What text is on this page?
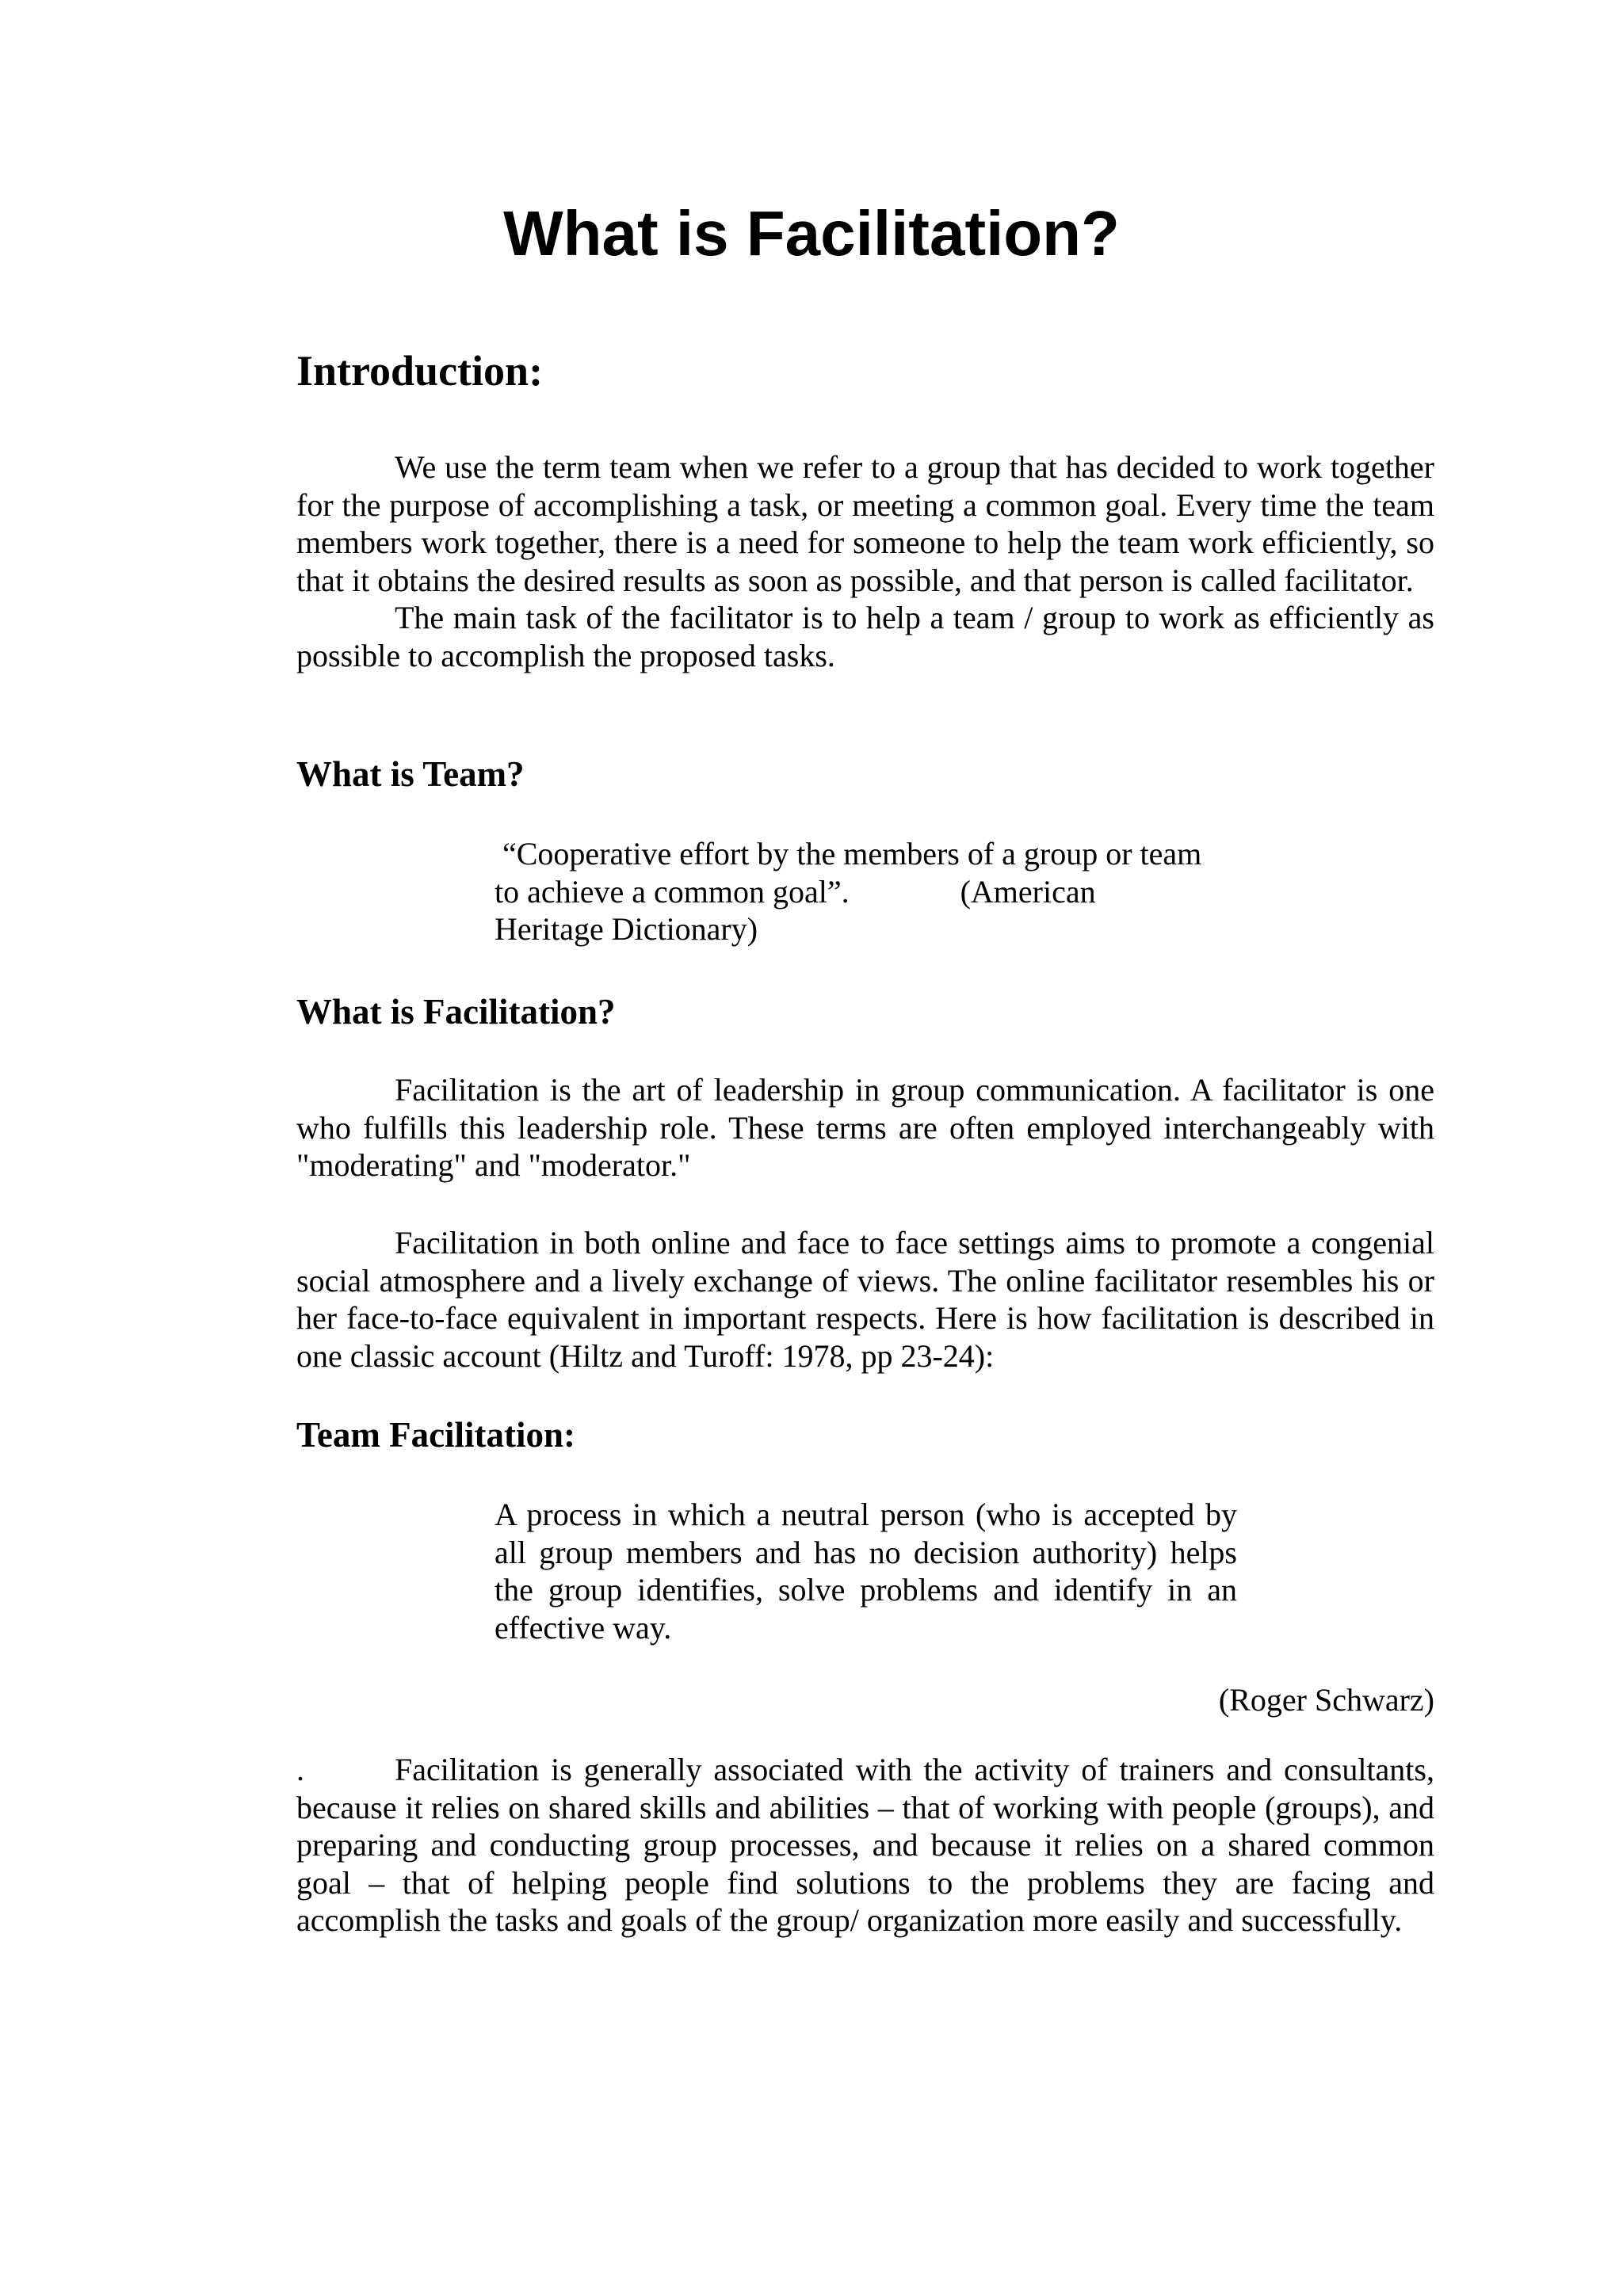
What is Facilitation?
Introduction:

We use the term team when we refer to a group that has decided to work together for the purpose of accomplishing a task, or meeting a common goal. Every time the team members work together, there is a need for someone to help the team work efficiently, so that it obtains the desired results as soon as possible, and that person is called facilitator.

The main task of the facilitator is to help a team / group to work as efficiently as possible to accomplish the proposed tasks.

What is Team?
“Cooperative effort by the members of a group or team
to achieve a common goal”.              (American
Heritage Dictionary)
What is Facilitation?

Facilitation is the art of leadership in group communication. A facilitator is one who fulfills this leadership role. These terms are often employed interchangeably with "moderating" and "moderator."

Facilitation in both online and face to face settings aims to promote a congenial social atmosphere and a lively exchange of views. The online facilitator resembles his or her face-to-face equivalent in important respects. Here is how facilitation is described in one classic account (Hiltz and Turoff: 1978, pp 23-24):

Team Facilitation:

A process in which a neutral person (who is accepted by all group members and has no decision authority) helps the group identifies, solve problems and identify in an effective way.

(Roger Schwarz)

.	Facilitation is generally associated with the activity of trainers and consultants, because it relies on shared skills and abilities – that of working with people (groups), and preparing and conducting group processes, and because it relies on a shared common goal – that of helping people find solutions to the problems they are facing and accomplish the tasks and goals of the group/ organization more easily and successfully.
